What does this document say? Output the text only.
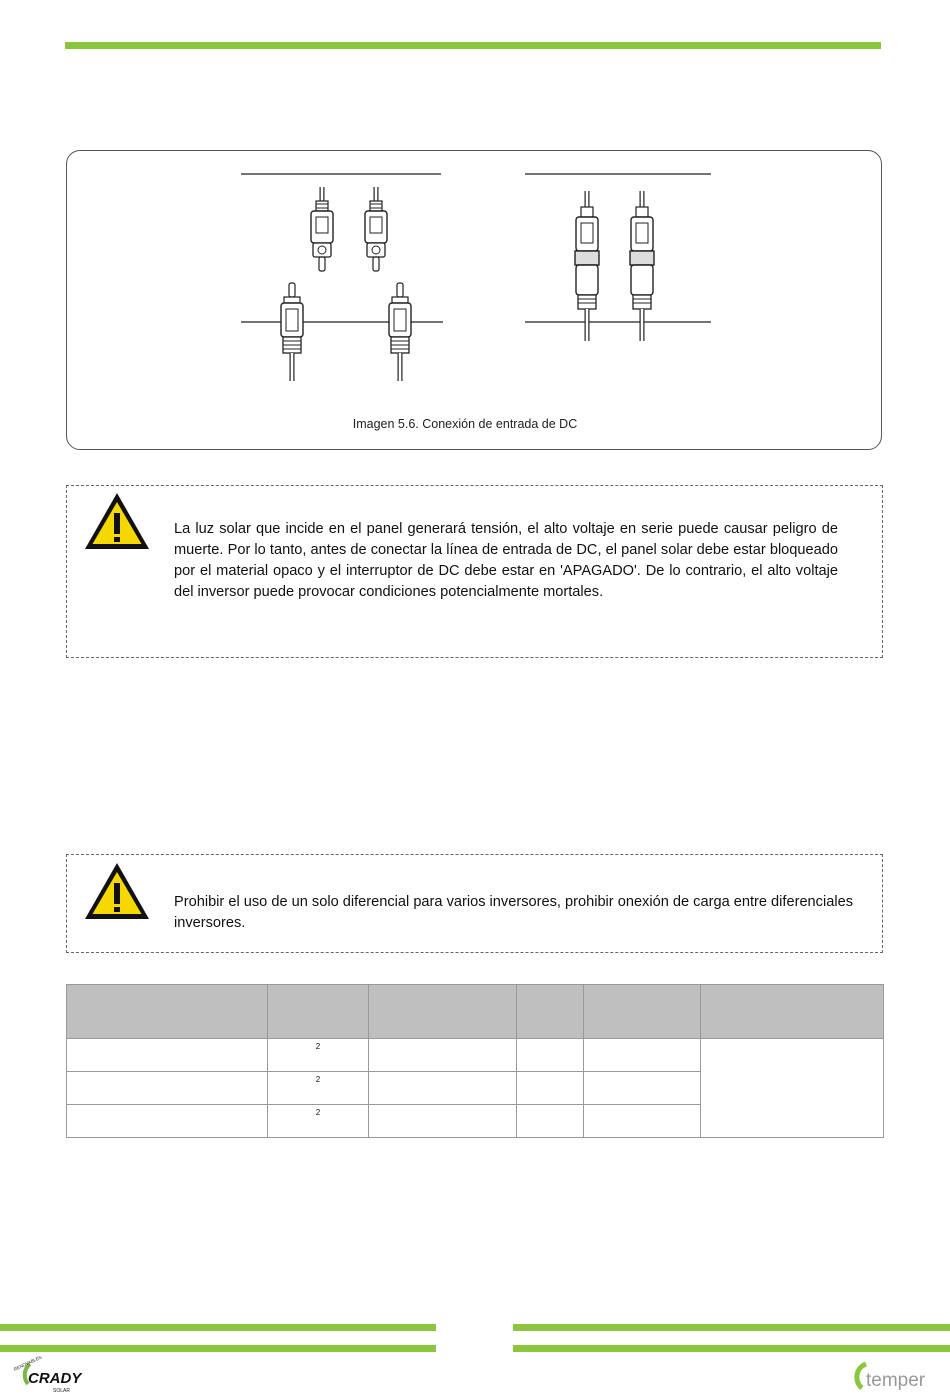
Imagen 5.6. Conexión de entrada de DC
La luz solar que incide en el panel generará tensión, el alto voltaje en serie puede causar peligro de muerte. Por lo tanto, antes de conectar la línea de entrada de DC, el panel solar debe estar bloqueado por el material opaco y el interruptor de DC debe estar en 'APAGADO'. De lo contrario, el alto voltaje del inversor puede provocar condiciones potencialmente mortales.
Prohibir el uso de un solo diferencial para varios inversores, prohibir onexión de carga entre diferenciales inversores.

	2				
	2				
	2				
RENOVABLES
CRADY
SOLAR	temper
